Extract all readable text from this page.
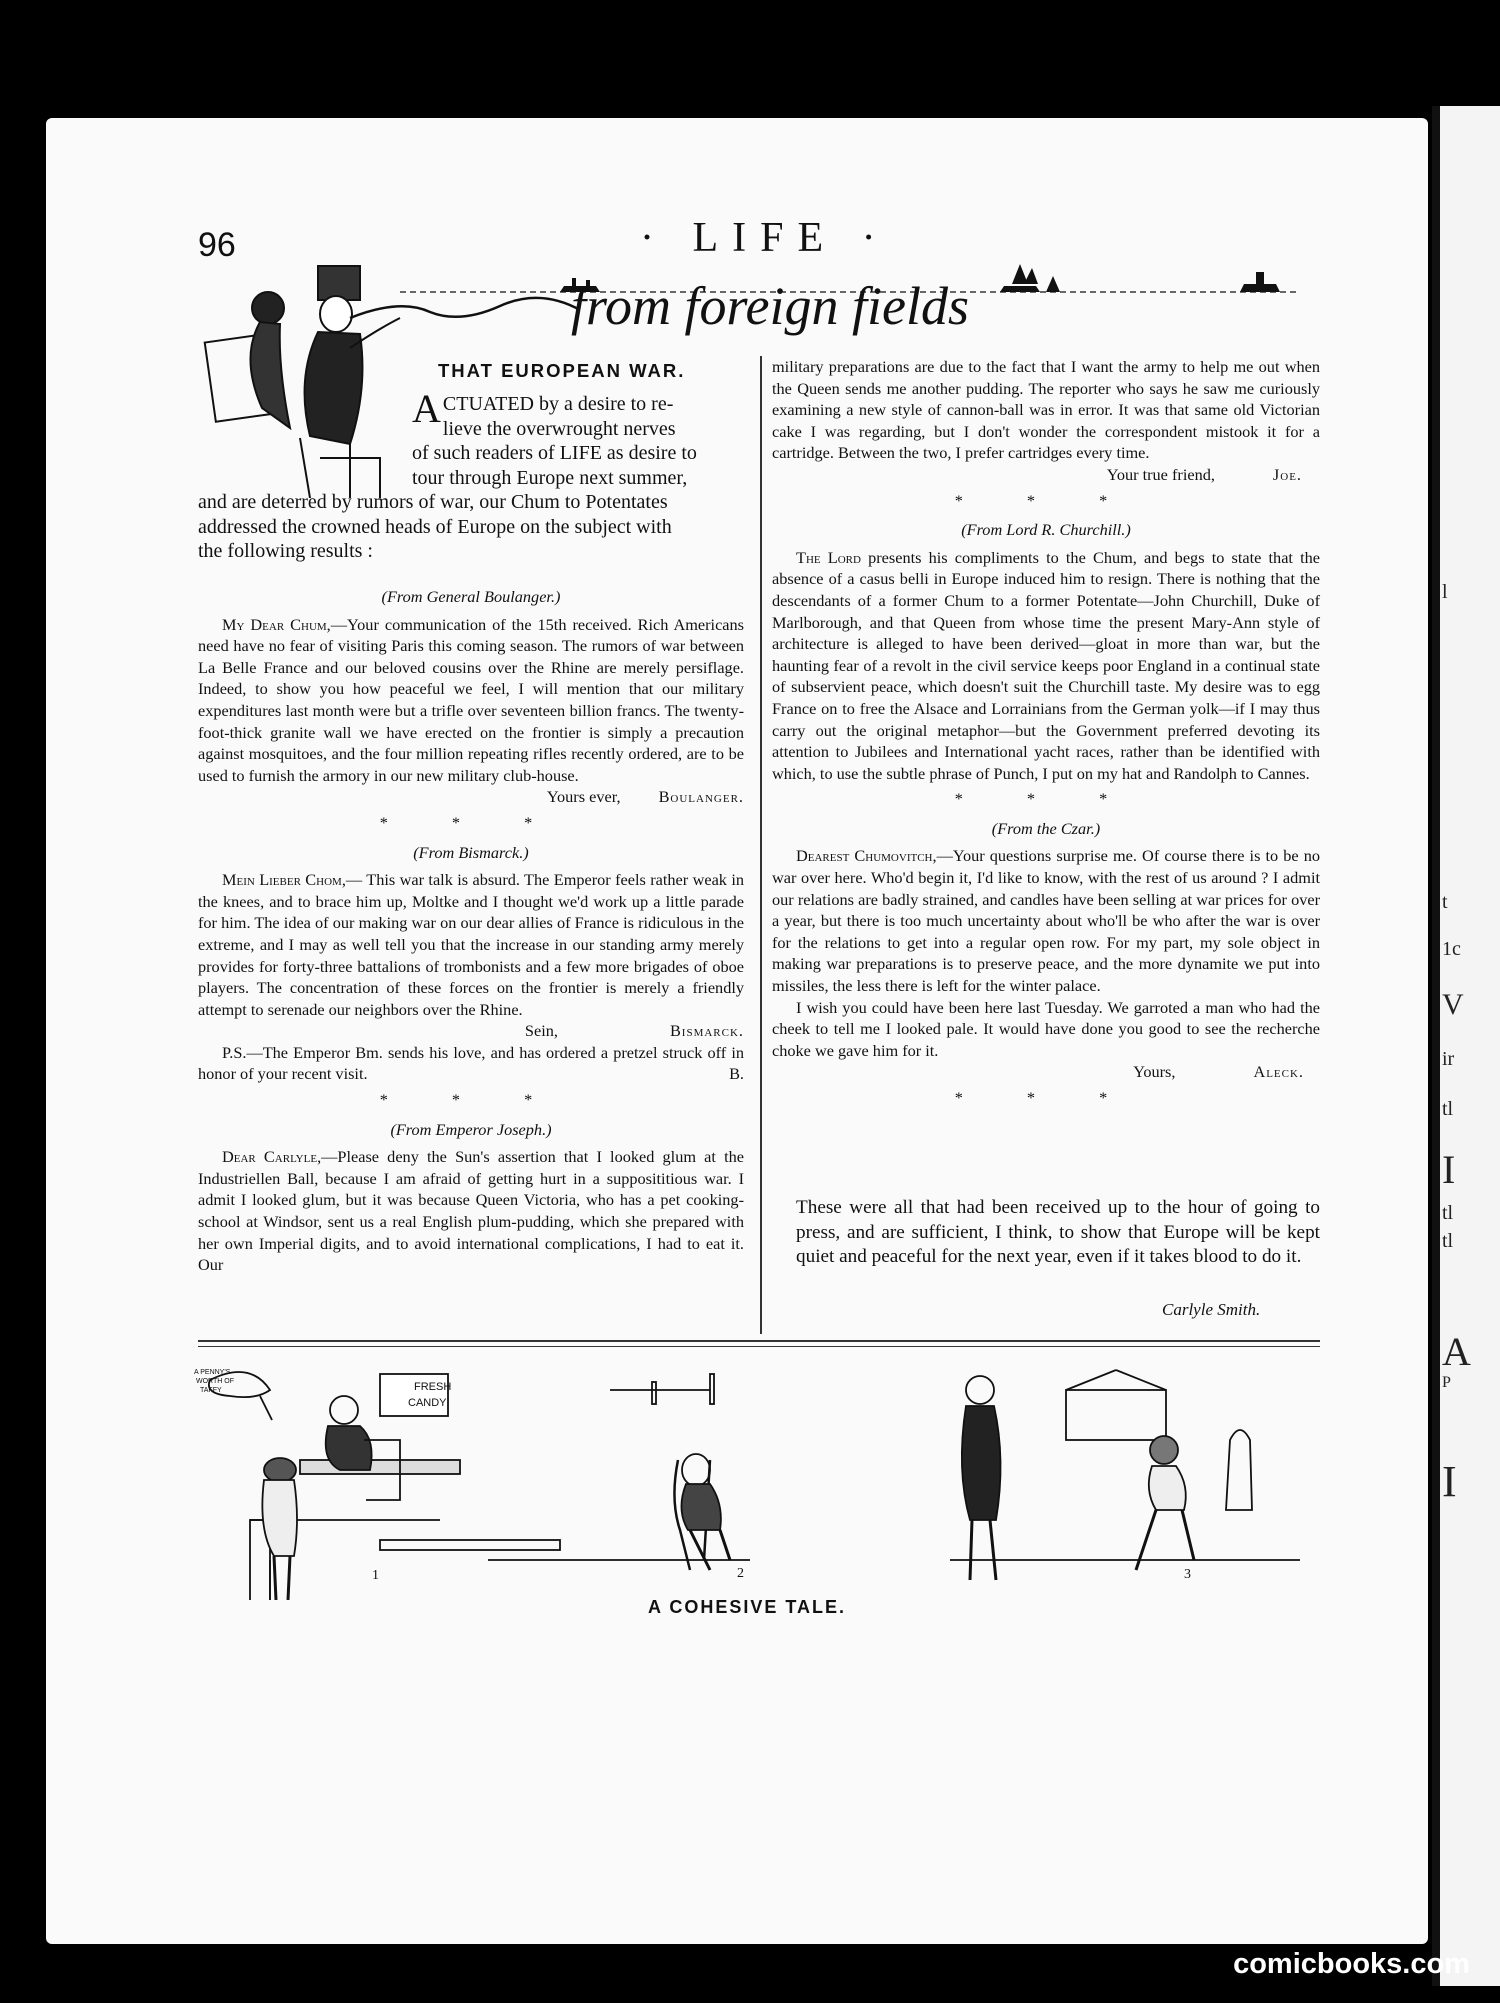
l
t
1c
V
ir
tl
I
tl
tl
A
P
I
96	· LIFE ·
from foreign fields
THAT EUROPEAN WAR.
A CTUATED by a desire to re-
lieve the overwrought nerves
of such readers of LIFE as desire to
tour through Europe next summer,
and are deterred by rumors of war, our Chum to Potentates
addressed the crowned heads of Europe on the subject with
the following results :

(From General Boulanger.)

My Dear Chum,—Your communication of the 15th received. Rich Americans need have no fear of visiting Paris this coming season. The rumors of war between La Belle France and our beloved cousins over the Rhine are merely persiflage. Indeed, to show you how peaceful we feel, I will mention that our military expenditures last month were but a trifle over seventeen billion francs. The twenty-foot-thick granite wall we have erected on the frontier is simply a precaution against mosquitoes, and the four million repeating rifles recently ordered, are to be used to furnish the armory in our new military club-house.

Yours ever, Boulanger.

* * *

(From Bismarck.)

Mein Lieber Chom,— This war talk is absurd. The Emperor feels rather weak in the knees, and to brace him up, Moltke and I thought we'd work up a little parade for him. The idea of our making war on our dear allies of France is ridiculous in the extreme, and I may as well tell you that the increase in our standing army merely provides for forty-three battalions of trombonists and a few more brigades of oboe players. The concentration of these forces on the frontier is merely a friendly attempt to serenade our neighbors over the Rhine.

Sein,	Bismarck.

P.S.—The Emperor Bm. sends his love, and has ordered a pretzel struck off in honor of your recent visit.	B.

* * *

(From Emperor Joseph.)

Dear Carlyle,—Please deny the Sun's assertion that I looked glum at the Industriellen Ball, because I am afraid of getting hurt in a supposititious war. I admit I looked glum, but it was because Queen Victoria, who has a pet cooking-school at Windsor, sent us a real English plum-pudding, which she prepared with her own Imperial digits, and to avoid international complications, I had to eat it. Our

military preparations are due to the fact that I want the army to help me out when the Queen sends me another pudding. The reporter who says he saw me curiously examining a new style of cannon-ball was in error. It was that same old Victorian cake I was regarding, but I don't wonder the correspondent mistook it for a cartridge. Between the two, I prefer cartridges every time.

Your true friend,	Joe.

* * *

(From Lord R. Churchill.)

The Lord presents his compliments to the Chum, and begs to state that the absence of a casus belli in Europe induced him to resign. There is nothing that the descendants of a former Chum to a former Potentate—John Churchill, Duke of Marlborough, and that Queen from whose time the present Mary-Ann style of architecture is alleged to have been derived—gloat in more than war, but the haunting fear of a revolt in the civil service keeps poor England in a continual state of subservient peace, which doesn't suit the Churchill taste. My desire was to egg France on to free the Alsace and Lorrainians from the German yolk—if I may thus carry out the original metaphor—but the Government preferred devoting its attention to Jubilees and International yacht races, rather than be identified with which, to use the subtle phrase of Punch, I put on my hat and Randolph to Cannes.

* * *

(From the Czar.)

Dearest Chumovitch,—Your questions surprise me. Of course there is to be no war over here. Who'd begin it, I'd like to know, with the rest of us around ? I admit our relations are badly strained, and candles have been selling at war prices for over a year, but there is too much uncertainty about who'll be who after the war is over for the relations to get into a regular open row. For my part, my sole object in making war preparations is to preserve peace, and the more dynamite we put into missiles, the less there is left for the winter palace.

I wish you could have been here last Tuesday. We garroted a man who had the cheek to tell me I looked pale. It would have done you good to see the recherche choke we gave him for it.

Yours,	Aleck.

* * *

These were all that had been received up to the hour of going to press, and are sufficient, I think, to show that Europe will be kept quiet and peaceful for the next year, even if it takes blood to do it.
Carlyle Smith.
FRESH
CANDY
A PENNY'S
WORTH OF
TAFFY
1	2	3
A COHESIVE TALE.
comicbooks.com
